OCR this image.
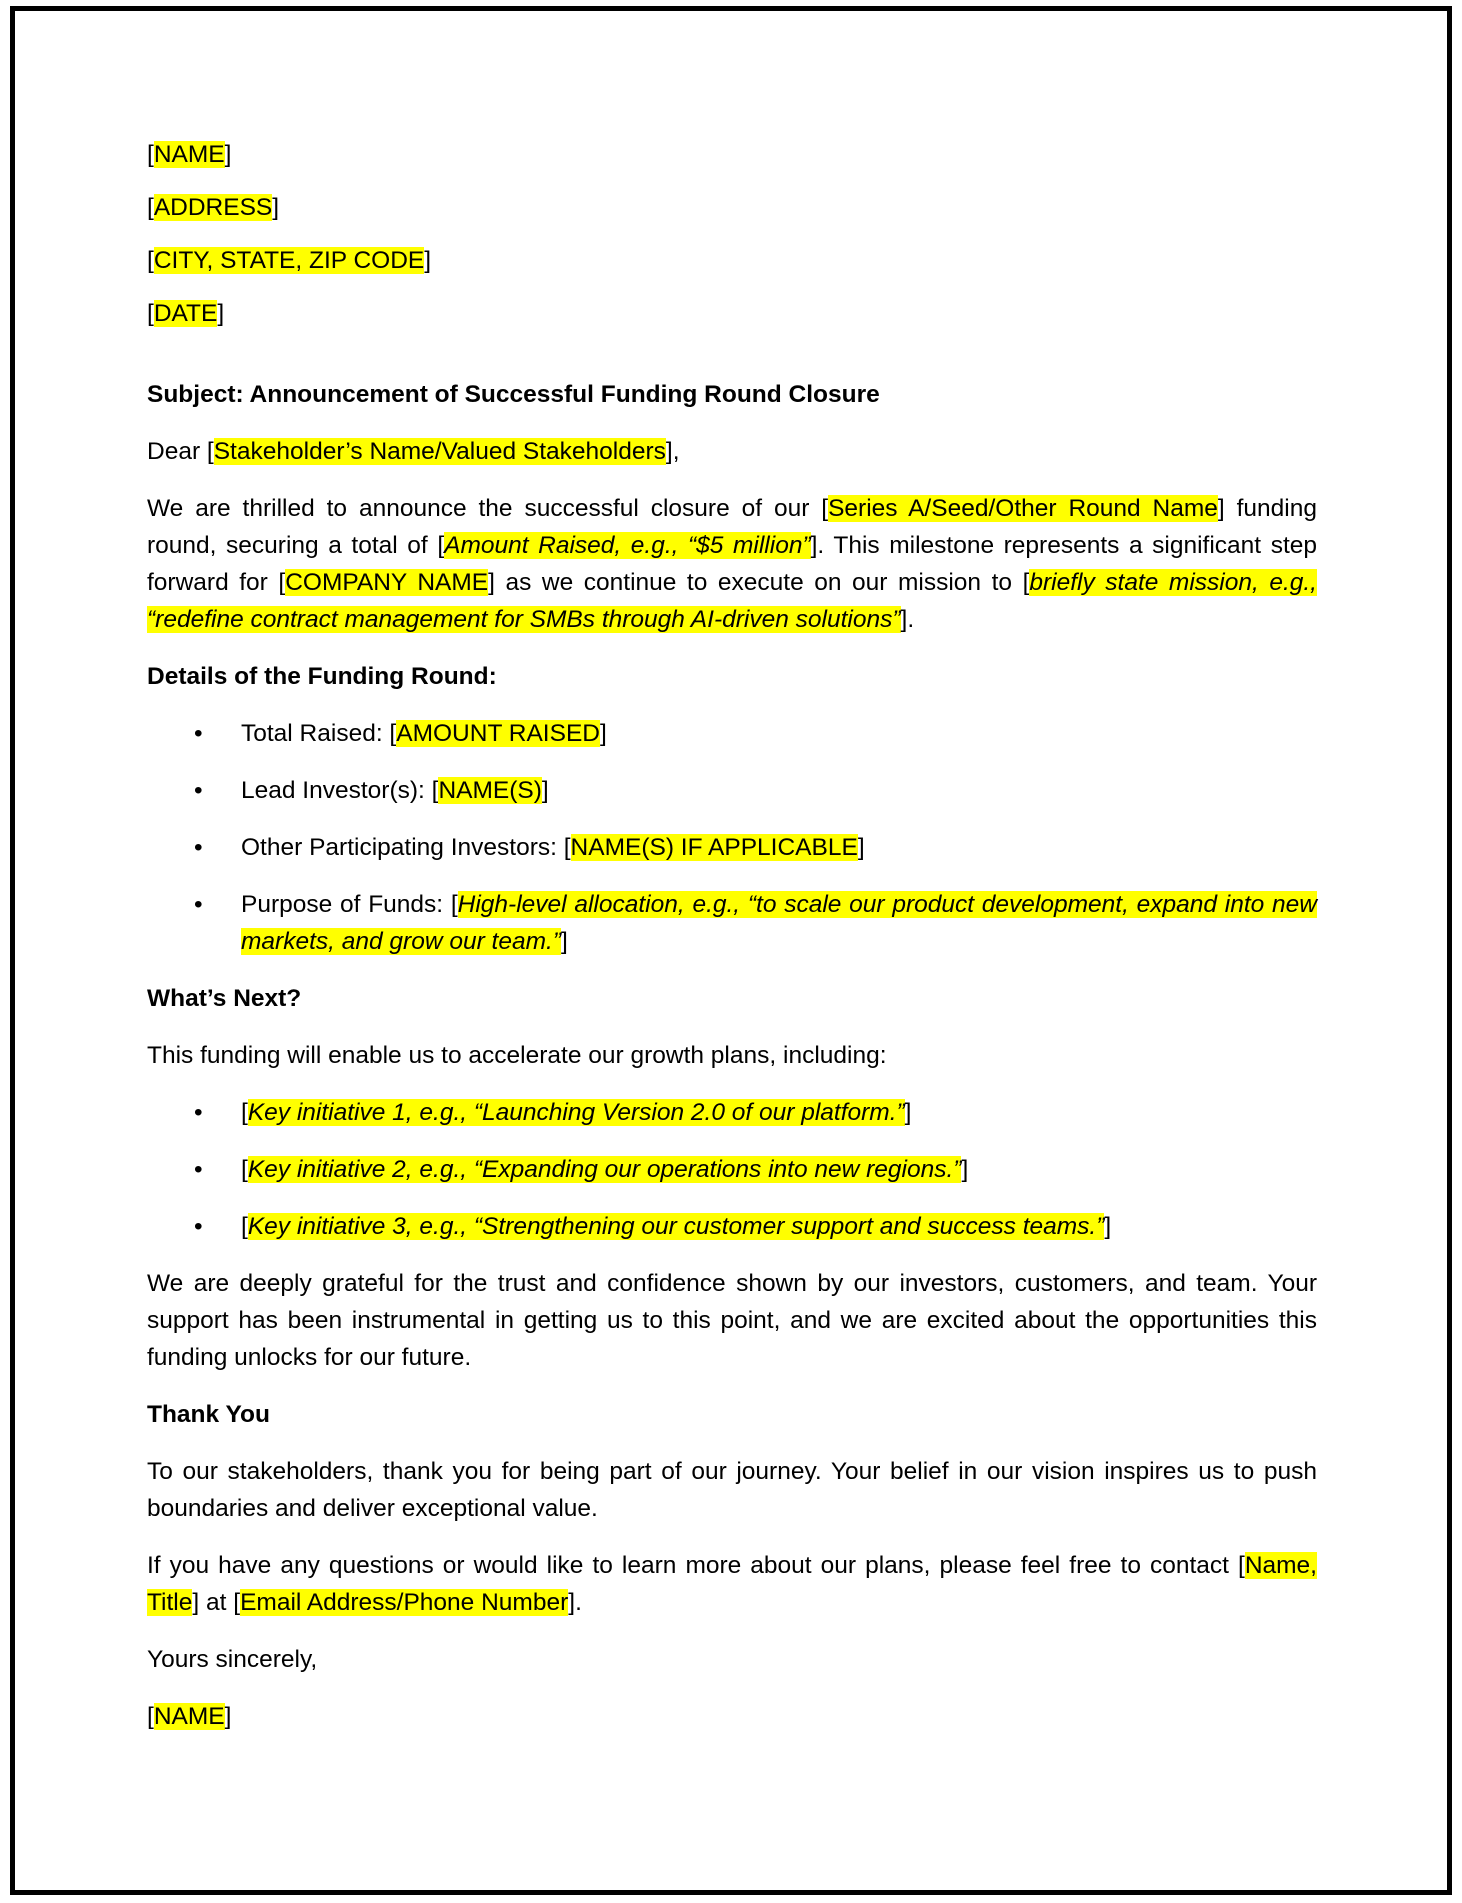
[NAME]

[ADDRESS]

[CITY, STATE, ZIP CODE]

[DATE]

Subject: Announcement of Successful Funding Round Closure

Dear [Stakeholder’s Name/Valued Stakeholders],

We are thrilled to announce the successful closure of our [Series A/Seed/Other Round Name] funding round, securing a total of [Amount Raised, e.g., “$5 million”]. This milestone represents a significant step forward for [COMPANY NAME] as we continue to execute on our mission to [briefly state mission, e.g., “redefine contract management for SMBs through AI-driven solutions”].

Details of the Funding Round:

• Total Raised: [AMOUNT RAISED]
• Lead Investor(s): [NAME(S)]
• Other Participating Investors: [NAME(S) IF APPLICABLE]
• Purpose of Funds: [High-level allocation, e.g., “to scale our product development, expand into new markets, and grow our team.”]

What’s Next?

This funding will enable us to accelerate our growth plans, including:

• [Key initiative 1, e.g., “Launching Version 2.0 of our platform.”]
• [Key initiative 2, e.g., “Expanding our operations into new regions.”]
• [Key initiative 3, e.g., “Strengthening our customer support and success teams.”]

We are deeply grateful for the trust and confidence shown by our investors, customers, and team. Your support has been instrumental in getting us to this point, and we are excited about the opportunities this funding unlocks for our future.

Thank You

To our stakeholders, thank you for being part of our journey. Your belief in our vision inspires us to push boundaries and deliver exceptional value.

If you have any questions or would like to learn more about our plans, please feel free to contact [Name, Title] at [Email Address/Phone Number].

Yours sincerely,

[NAME]
